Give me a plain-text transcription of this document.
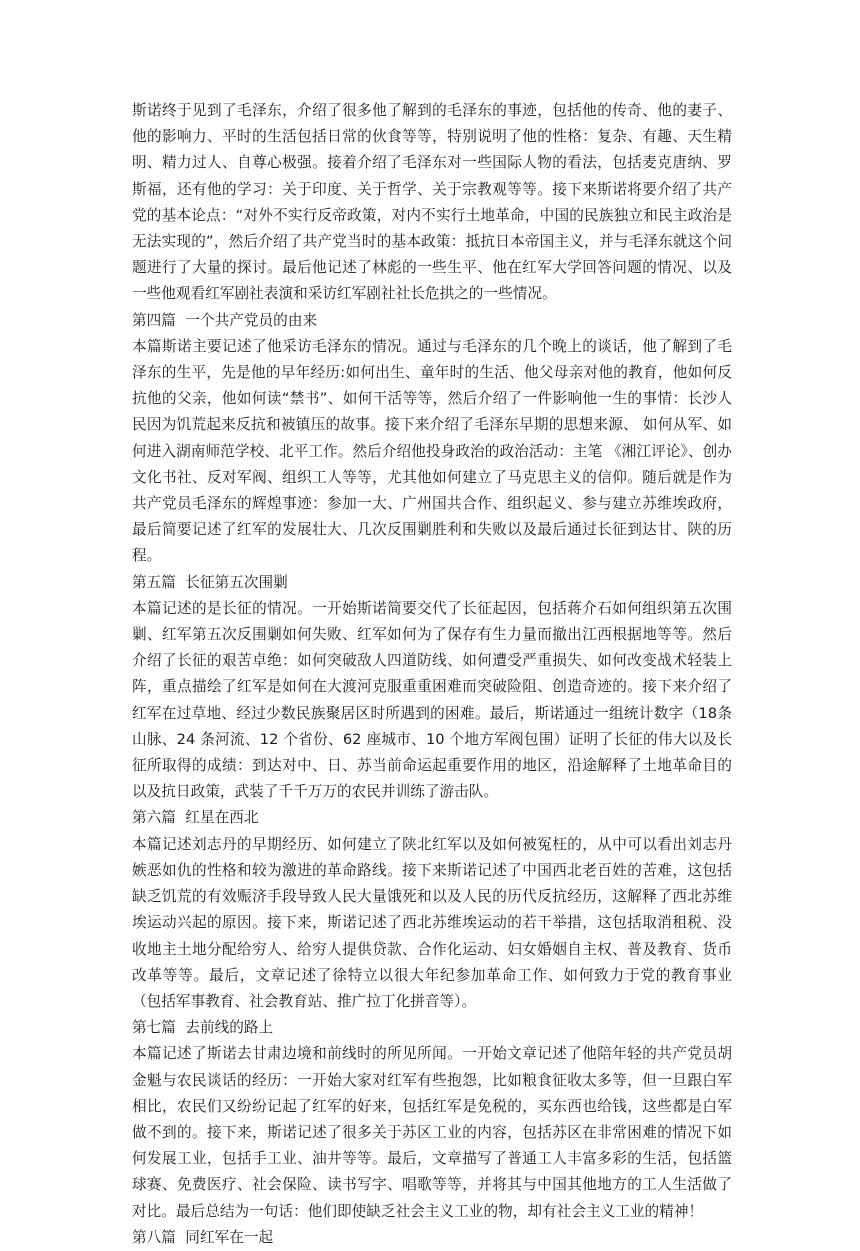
斯诺终于见到了毛泽东，介绍了很多他了解到的毛泽东的事迹，包括他的传奇、他的妻子、他的影响力、平时的生活包括日常的伙食等等，特别说明了他的性格：复杂、有趣、天生精明、精力过人、自尊心极强。接着介绍了毛泽东对一些国际人物的看法，包括麦克唐纳、罗斯福，还有他的学习：关于印度、关于哲学、关于宗教观等等。接下来斯诺将要介绍了共产党的基本论点：“对外不实行反帝政策，对内不实行土地革命，中国的民族独立和民主政治是无法实现的”，然后介绍了共产党当时的基本政策：抵抗日本帝国主义，并与毛泽东就这个问题进行了大量的探讨。最后他记述了林彪的一些生平、他在红军大学回答问题的情况、以及一些他观看红军剧社表演和采访红军剧社社长危拱之的一些情况。

第四篇  一个共产党员的由来

本篇斯诺主要记述了他采访毛泽东的情况。通过与毛泽东的几个晚上的谈话，他了解到了毛泽东的生平，先是他的早年经历:如何出生、童年时的生活、他父母亲对他的教育，他如何反抗他的父亲，他如何读“禁书”、如何干活等等，然后介绍了一件影响他一生的事情：长沙人民因为饥荒起来反抗和被镇压的故事。接下来介绍了毛泽东早期的思想来源、 如何从军、如何进入湖南师范学校、北平工作。然后介绍他投身政治的政治活动：主笔 《湘江评论》、创办文化书社、反对军阀、组织工人等等，尤其他如何建立了马克思主义的信仰。随后就是作为共产党员毛泽东的辉煌事迹：参加一大、广州国共合作、组织起义、参与建立苏维埃政府，最后简要记述了红军的发展壮大、几次反围剿胜利和失败以及最后通过长征到达甘、陕的历程。

第五篇  长征第五次围剿

本篇记述的是长征的情况。一开始斯诺简要交代了长征起因，包括蒋介石如何组织第五次围剿、红军第五次反围剿如何失败、红军如何为了保存有生力量而撤出江西根据地等等。然后介绍了长征的艰苦卓绝：如何突破敌人四道防线、如何遭受严重损失、如何改变战术轻装上阵，重点描绘了红军是如何在大渡河克服重重困难而突破险阻、创造奇迹的。接下来介绍了红军在过草地、经过少数民族聚居区时所遇到的困难。最后，斯诺通过一组统计数字（18条山脉、24 条河流、12 个省份、62 座城市、10 个地方军阀包围）证明了长征的伟大以及长征所取得的成绩：到达对中、日、苏当前命运起重要作用的地区，沿途解释了土地革命目的以及抗日政策，武装了千千万万的农民并训练了游击队。

第六篇  红星在西北

本篇记述刘志丹的早期经历、如何建立了陕北红军以及如何被冤枉的，从中可以看出刘志丹嫉恶如仇的性格和较为激进的革命路线。接下来斯诺记述了中国西北老百姓的苦难，这包括缺乏饥荒的有效赈济手段导致人民大量饿死和以及人民的历代反抗经历，这解释了西北苏维埃运动兴起的原因。接下来，斯诺记述了西北苏维埃运动的若干举措，这包括取消租税、没收地主土地分配给穷人、给穷人提供贷款、合作化运动、妇女婚姻自主权、普及教育、货币改革等等。最后，文章记述了徐特立以很大年纪参加革命工作、如何致力于党的教育事业（包括军事教育、社会教育站、推广拉丁化拼音等）。

第七篇  去前线的路上

本篇记述了斯诺去甘肃边境和前线时的所见所闻。一开始文章记述了他陪年轻的共产党员胡金魁与农民谈话的经历：一开始大家对红军有些抱怨，比如粮食征收太多等，但一旦跟白军相比，农民们又纷纷记起了红军的好来，包括红军是免税的，买东西也给钱，这些都是白军做不到的。接下来，斯诺记述了很多关于苏区工业的内容，包括苏区在非常困难的情况下如何发展工业，包括手工业、油井等等。最后，文章描写了普通工人丰富多彩的生活，包括篮球赛、免费医疗、社会保险、读书写字、唱歌等等，并将其与中国其他地方的工人生活做了对比。最后总结为一句话：他们即使缺乏社会主义工业的物，却有社会主义工业的精神！

第八篇  同红军在一起
